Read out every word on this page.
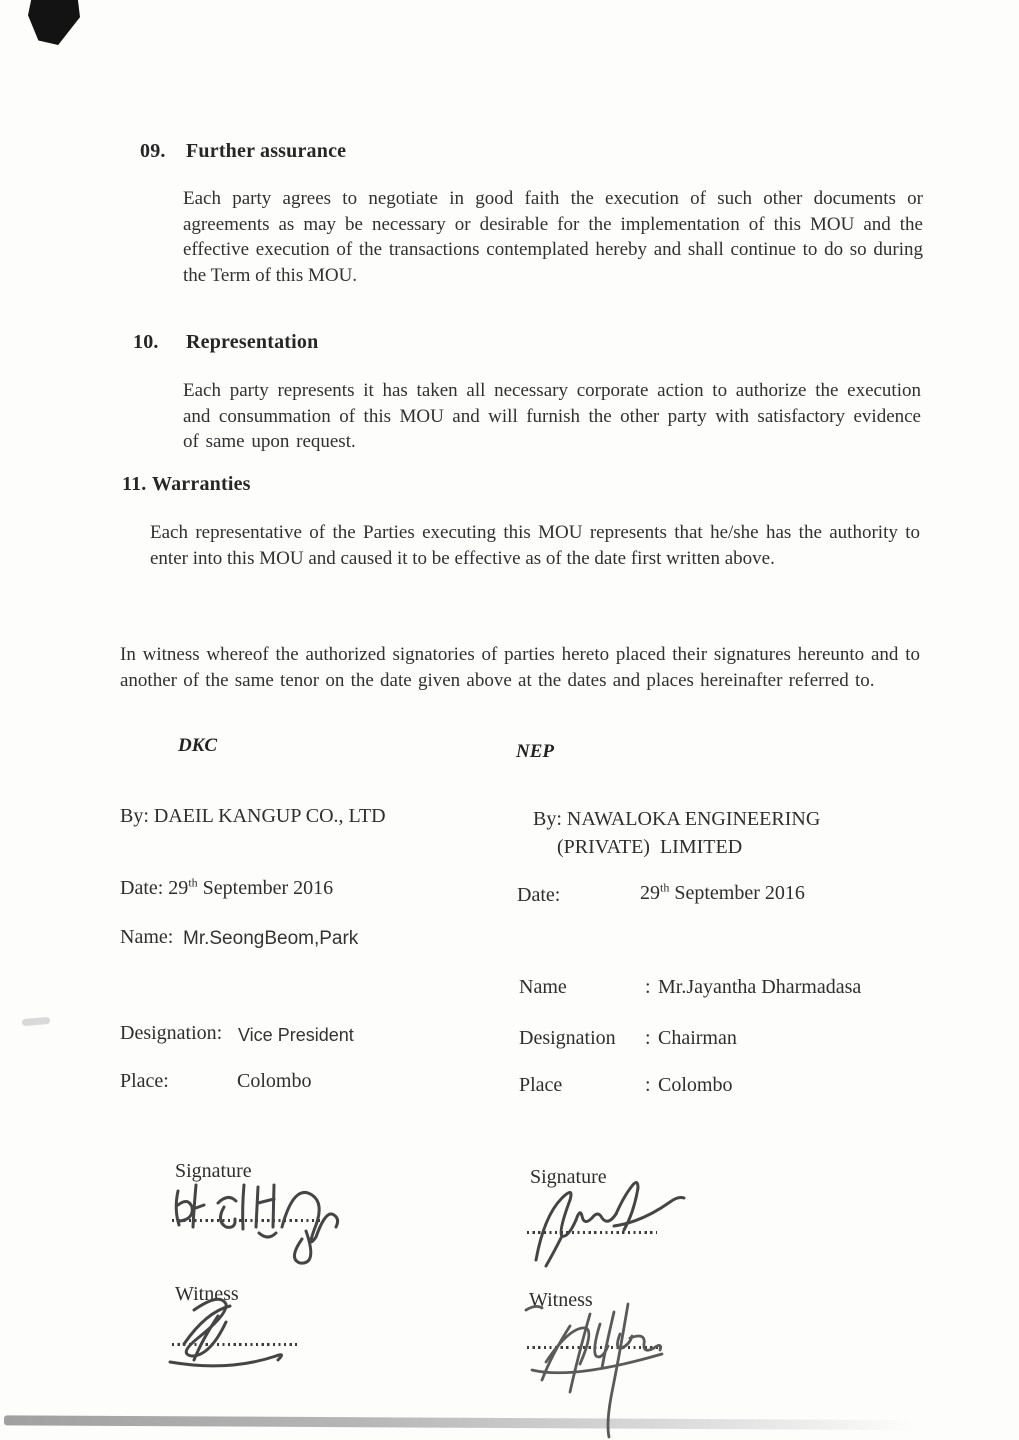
09. Further assurance
Each party agrees to negotiate in good faith the execution of such other documents or agreements as may be necessary or desirable for the implementation of this MOU and the effective execution of the transactions contemplated hereby and shall continue to do so during the Term of this MOU.
10. Representation
Each party represents it has taken all necessary corporate action to authorize the execution and consummation of this MOU and will furnish the other party with satisfactory evidence of same upon request.
11. Warranties
Each representative of the Parties executing this MOU represents that he/she has the authority to enter into this MOU and caused it to be effective as of the date first written above.
In witness whereof the authorized signatories of parties hereto placed their signatures hereunto and to another of the same tenor on the date given above at the dates and places hereinafter referred to.
DKC	NEP
By: DAEIL KANGUP CO., LTD	By: NAWALOKA ENGINEERING
(PRIVATE)  LIMITED
Date: 29th September 2016	Date:	29th September 2016
Name: Mr.SeongBeom,Park
Name	: Mr.Jayantha Dharmadasa
Designation: Vice President	Designation : Chairman
Place:	Colombo	Place	: Colombo
Signature	Signature
Witness	Witness
